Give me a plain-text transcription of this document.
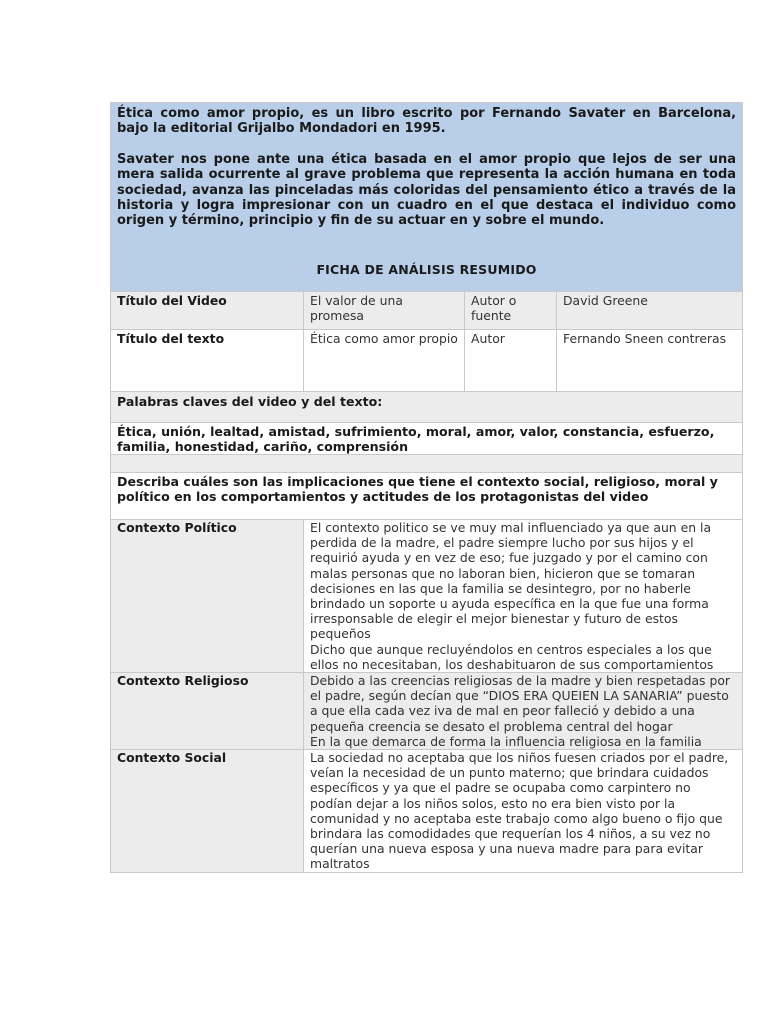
Ética como amor propio, es un libro escrito por Fernando Savater en Barcelona, bajo la editorial Grijalbo Mondadori en 1995.

Savater nos pone ante una ética basada en el amor propio que lejos de ser una mera salida ocurrente al grave problema que representa la acción humana en toda sociedad, avanza las pinceladas más coloridas del pensamiento ético a través de la historia y logra impresionar con un cuadro en el que destaca el individuo como origen y término, principio y fin de su actuar en y sobre el mundo.

FICHA DE ANÁLISIS RESUMIDO			

Título del Video	El valor de una promesa	Autor o fuente	David Greene
Título del texto	Ética como amor propio	Autor	Fernando Sneen contreras
Palabras claves del video y del texto:			
Ética, unión, lealtad, amistad, sufrimiento, moral, amor, valor, constancia, esfuerzo, familia, honestidad, cariño, comprensión			

Describa cuáles son las implicaciones que tiene el contexto social, religioso, moral y político en los comportamientos y actitudes de los protagonistas del video			
Contexto Político	El contexto politico se ve muy mal influenciado ya que aun en la perdida de la madre, el padre siempre lucho por sus hijos y el requirió ayuda y en vez de eso; fue juzgado y por el camino con malas personas que no laboran bien, hicieron que se tomaran decisiones en las que la familia se desintegro, por no haberle brindado un soporte u ayuda específica en la que fue una forma irresponsable de elegir el mejor bienestar y futuro de estos pequeños

Dicho que aunque recluyéndolos en centros especiales a los que ellos no necesitaban, los deshabituaron de sus comportamientos		

Contexto Religioso	Debido a las creencias religiosas de la madre y bien respetadas por el padre, según decían que “DIOS ERA QUEIEN LA SANARIA” puesto a que ella cada vez iva de mal en peor falleció y debido a una pequeña creencia se desato el problema central del hogar

En la que demarca de forma la influencia religiosa en la familia		

Contexto Social	La sociedad no aceptaba que los niños fuesen criados por el padre, veían la necesidad de un punto materno; que brindara cuidados específicos y ya que el padre se ocupaba como carpintero no podían dejar a los niños solos, esto no era bien visto por la comunidad y no aceptaba este trabajo como algo bueno o fijo que brindara las comodidades que requerían los 4 niños, a su vez no querían una nueva esposa y una nueva madre para para evitar maltratos		
